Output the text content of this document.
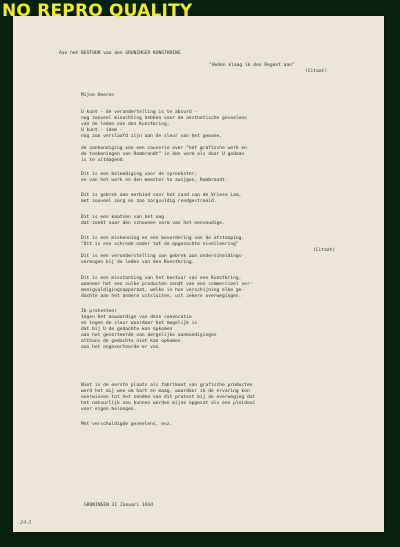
NO REPRO QUALITY

Aan het BESTUUR van den GRONINGER KUNSTKRING

"Heden klaag ik den Regent aan"

(Citaat)

Mijne Heeren

U kunt - de verandertelling is te absurd -

nog zooveel minachting hebben voor de aesthetische geveelens

van de leden van den Kunstkring,

U kunt - idem -

nog zoo verslaafd zijn aan de sleur van het gewone,

de aankondiging van een causerie over "het grafische werk en

de teekeningen van Rembrandt" in den vorm als door U gedaan

is te uitdagend.

Dit is een beleediging voor de spreekster,

en van het werk en den meester te zwijgen, Rembrandt.

Dit is gebrek aan eerbied voor het zaad van de Vriese Lam,

met zooveel zorg en zoo zorgvuldig rendgestrooid.

Dit is een kaatsen van het oog

dat zoekt naar den schoonen vorm van het eenvoudige.

Dit is een miskenning en een bevordering van de afstomping.

"Dit is een schrede nader tot de opgezochte nivelleering"

(Citaat)

Dit is een veronderstelling van gebrek aan onderscheidings-

vermogen bij de leden van den Kunstkring.

Dit is een misstanting van het bestuur van een Kunstkring,

wanneer het een zulke producten zendt van een commercieel ver-

menigvuldigingsapparaat, welke in hun verschijning elke ge-

dachte aan het andere uitsluiten, uit zekere overwegingen.

Ik protesteer

tegen het onwaardige van deze convocatie

en tegen de sleur waardoor het mogelijk is

dat bij U de gedachte kon opkomen

aan het gesorteerde van dergelijke aankondigingen

althans de gedachte niet kan opkomen

aan het ongesorteerde er van.

Niet in de eerste plaats als fabrikant van grafische producten

werd het mij wee om hart en maag, waardoor ik de ervaring kon

overwinnen tot het zenden van dit protest bij de overweging dat

het natuurlijk zou kunnen worden mijne opgevat als een pleidooi

voor eigen belangen.

Met verschuldigde geveelens, enz.

GRONINGEN 31 Januari 1934

24-3
